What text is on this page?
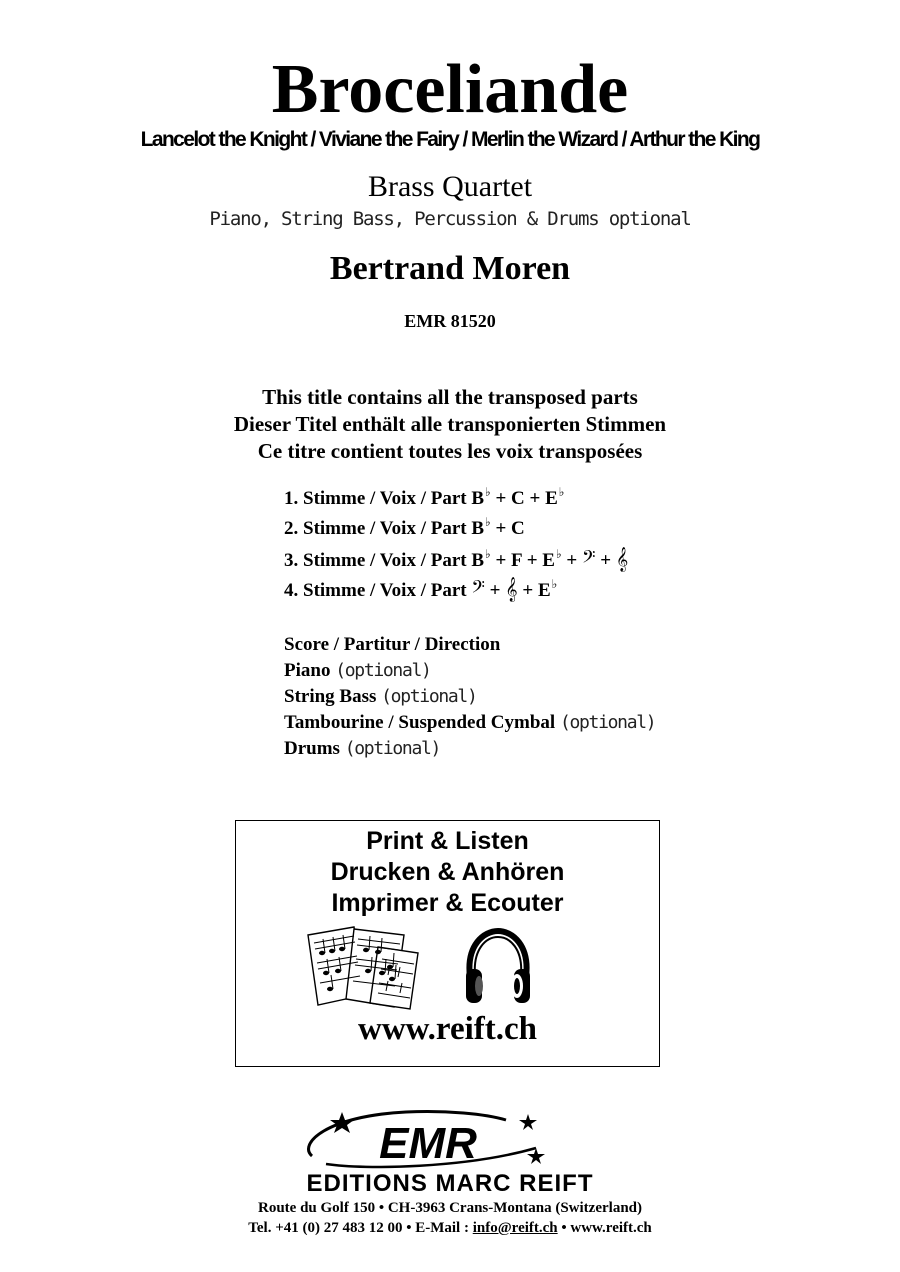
Broceliande
Lancelot the Knight / Viviane the Fairy / Merlin the Wizard / Arthur the King
Brass Quartet
Piano, String Bass, Percussion & Drums optional
Bertrand Moren
EMR 81520
This title contains all the transposed parts
Dieser Titel enthält alle transponierten Stimmen
Ce titre contient toutes les voix transposées
1. Stimme / Voix / Part B♭ + C + E♭
2. Stimme / Voix / Part B♭ + C
3. Stimme / Voix / Part B♭ + F + E♭ + 𝄢 + 𝄞
4. Stimme / Voix / Part 𝄢 + 𝄞 + E♭
Score / Partitur / Direction
Piano (optional)
String Bass (optional)
Tambourine / Suspended Cymbal (optional)
Drums (optional)
Print & Listen
Drucken & Anhören
Imprimer & Ecouter
www.reift.ch
EMR
EDITIONS MARC REIFT
Route du Golf 150 • CH-3963 Crans-Montana (Switzerland)
Tel. +41 (0) 27 483 12 00 • E-Mail : info@reift.ch • www.reift.ch
